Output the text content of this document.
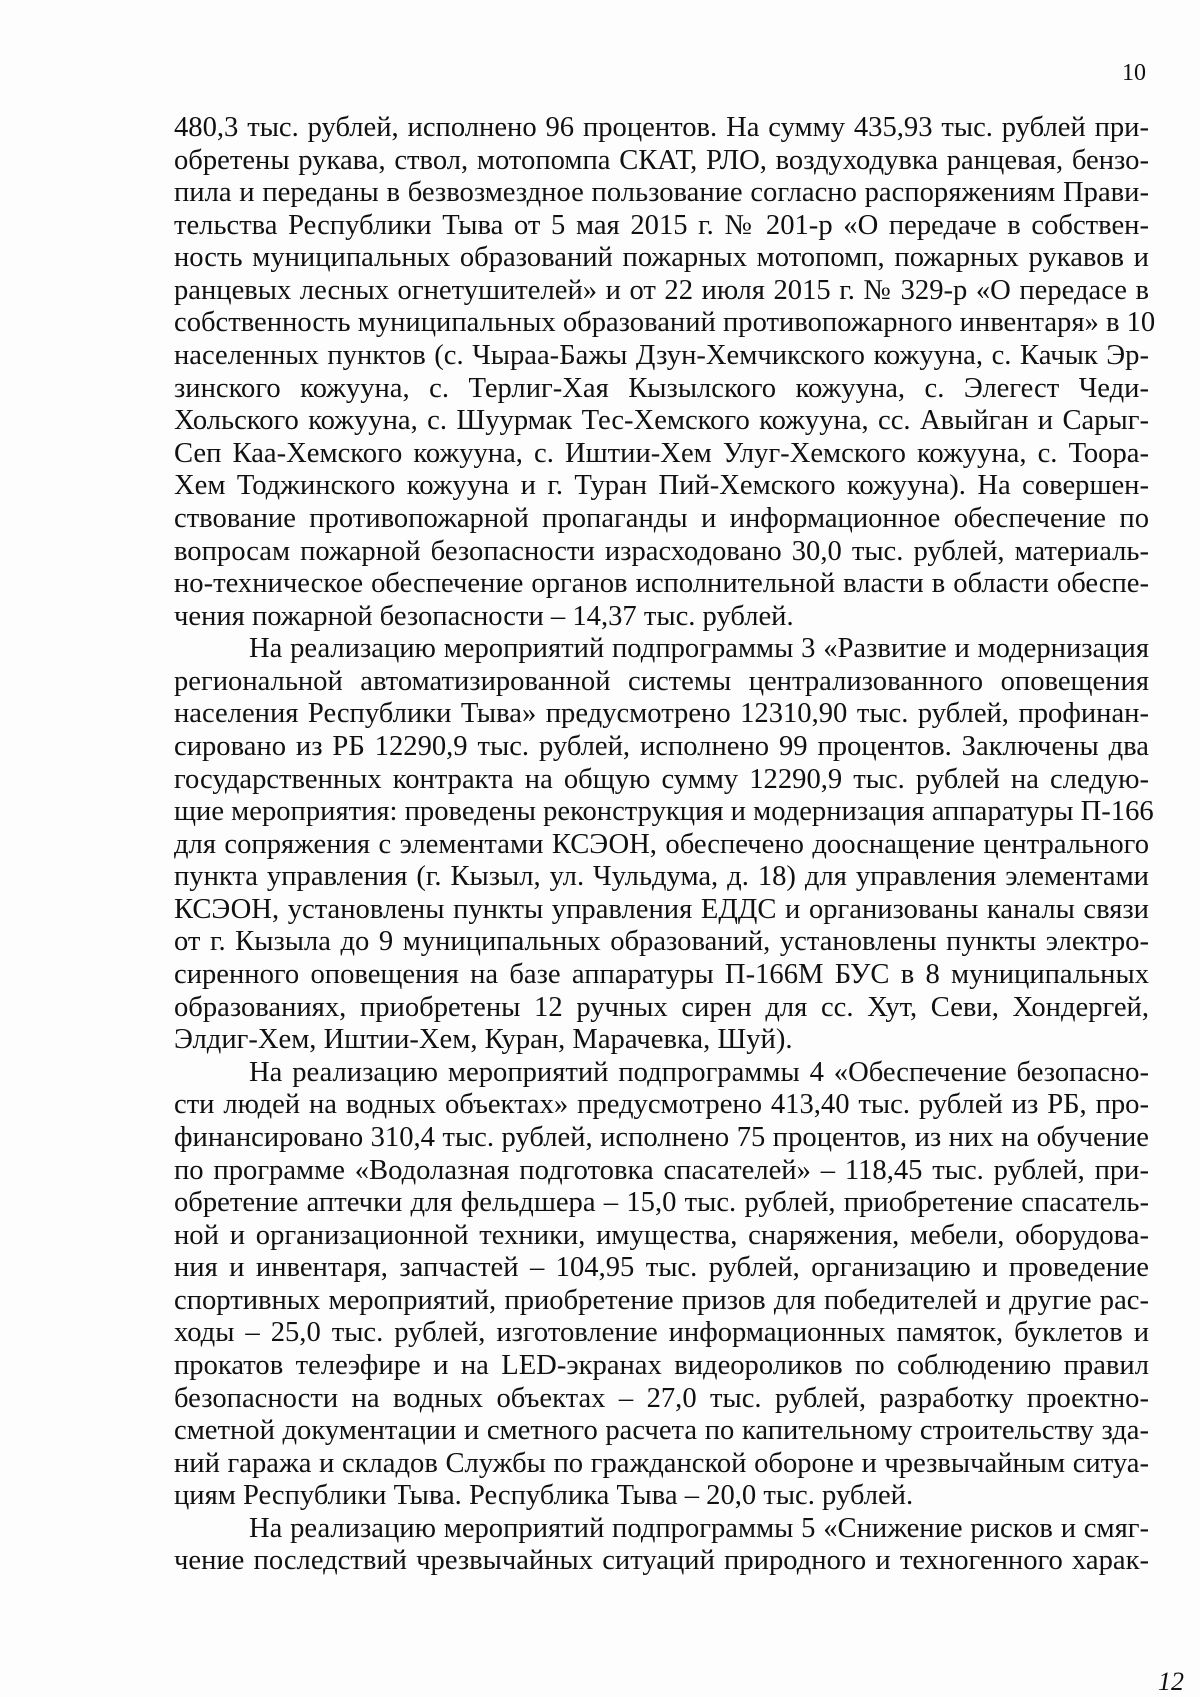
10
480,3 тыс. рублей, исполнено 96 процентов. На сумму 435,93 тыс. рублей при-
обретены рукава, ствол, мотопомпа СКАТ, РЛО, воздуходувка ранцевая, бензо-
пила и переданы в безвозмездное пользование согласно распоряжениям Прави-
тельства Республики Тыва от 5 мая 2015 г. № 201-р «О передаче в собствен-
ность муниципальных образований пожарных мотопомп, пожарных рукавов и
ранцевых лесных огнетушителей» и от 22 июля 2015 г. № 329-р «О передасе в
собственность муниципальных образований противопожарного инвентаря» в 10
населенных пунктов (с. Чыраа-Бажы Дзун-Хемчикского кожууна, с. Качык Эр-
зинского кожууна, с. Терлиг-Хая Кызылского кожууна, с. Элегест Чеди-
Хольского кожууна, с. Шуурмак Тес-Хемского кожууна, сс. Авыйган и Сарыг-
Сеп Каа-Хемского кожууна, с. Иштии-Хем Улуг-Хемского кожууна, с. Тоора-
Хем Тоджинского кожууна и г. Туран Пий-Хемского кожууна). На совершен-
ствование противопожарной пропаганды и информационное обеспечение по
вопросам пожарной безопасности израсходовано 30,0 тыс. рублей, материаль-
но-техническое обеспечение органов исполнительной власти в области обеспе-
чения пожарной безопасности – 14,37 тыс. рублей.
На реализацию мероприятий подпрограммы 3 «Развитие и модернизация
региональной автоматизированной системы централизованного оповещения
населения Республики Тыва» предусмотрено 12310,90 тыс. рублей, профинан-
сировано из РБ 12290,9 тыс. рублей, исполнено 99 процентов. Заключены два
государственных контракта на общую сумму 12290,9 тыс. рублей на следую-
щие мероприятия: проведены реконструкция и модернизация аппаратуры П-166
для сопряжения с элементами КСЭОН, обеспечено дооснащение центрального
пункта управления (г. Кызыл, ул. Чульдума, д. 18) для управления элементами
КСЭОН, установлены пункты управления ЕДДС и организованы каналы связи
от г. Кызыла до 9 муниципальных образований, установлены пункты электро-
сиренного оповещения на базе аппаратуры П-166М БУС в 8 муниципальных
образованиях, приобретены 12 ручных сирен для сс. Хут, Севи, Хондергей,
Элдиг-Хем, Иштии-Хем, Куран, Марачевка, Шуй).
На реализацию мероприятий подпрограммы 4 «Обеспечение безопасно-
сти людей на водных объектах» предусмотрено 413,40 тыс. рублей из РБ, про-
финансировано 310,4 тыс. рублей, исполнено 75 процентов, из них на обучение
по программе «Водолазная подготовка спасателей» – 118,45 тыс. рублей, при-
обретение аптечки для фельдшера – 15,0 тыс. рублей, приобретение спасатель-
ной и организационной техники, имущества, снаряжения, мебели, оборудова-
ния и инвентаря, запчастей – 104,95 тыс. рублей, организацию и проведение
спортивных мероприятий, приобретение призов для победителей и другие рас-
ходы – 25,0 тыс. рублей, изготовление информационных памяток, буклетов и
прокатов телеэфире и на LED-экранах видеороликов по соблюдению правил
безопасности на водных объектах – 27,0 тыс. рублей, разработку проектно-
сметной документации и сметного расчета по капительному строительству зда-
ний гаража и складов Службы по гражданской обороне и чрезвычайным ситуа-
циям Республики Тыва. Республика Тыва – 20,0 тыс. рублей.
На реализацию мероприятий подпрограммы 5 «Снижение рисков и смяг-
чение последствий чрезвычайных ситуаций природного и техногенного харак-
12
